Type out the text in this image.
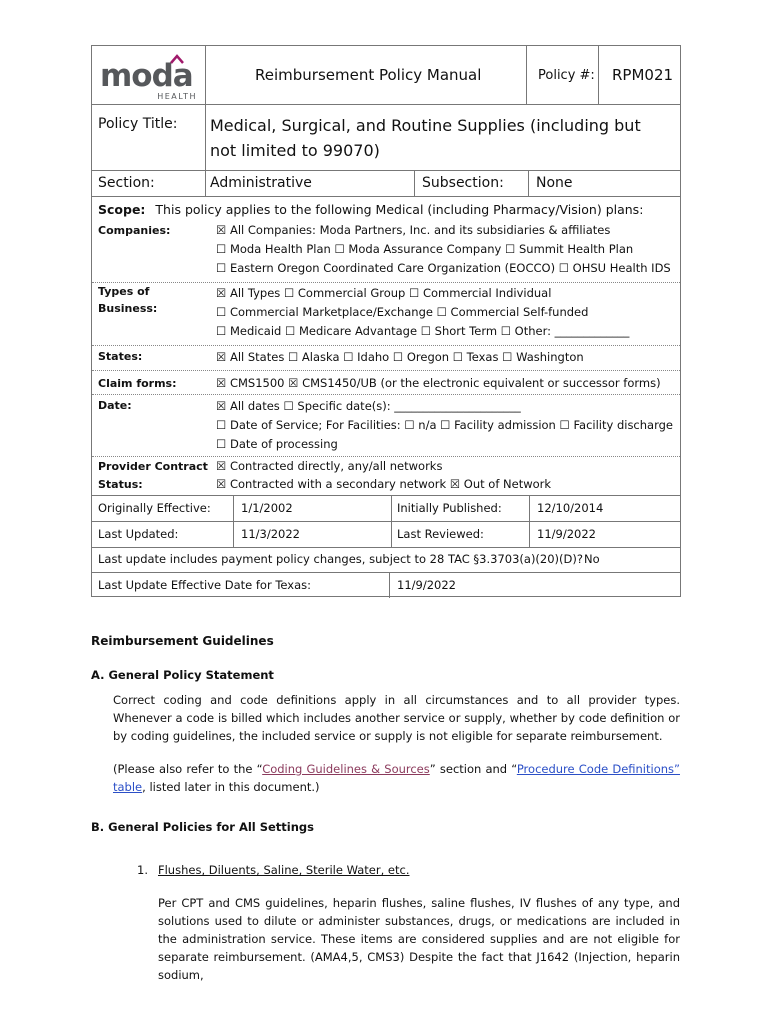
moda
HEALTH
Reimbursement Policy Manual	Policy #: RPM021
Policy Title: Medical, Surgical, and Routine Supplies (including but not limited to 99070)
Section:	Administrative	Subsection: None
Scope: This policy applies to the following Medical (including Pharmacy/Vision) plans:
Companies:	☒ All Companies: Moda Partners, Inc. and its subsidiaries & affiliates
☐ Moda Health Plan ☐ Moda Assurance Company ☐ Summit Health Plan
☐ Eastern Oregon Coordinated Care Organization (EOCCO) ☐ OHSU Health IDS
Types of
Business:
☒ All Types ☐ Commercial Group ☐ Commercial Individual
☐ Commercial Marketplace/Exchange ☐ Commercial Self-funded
☐ Medicaid ☐ Medicare Advantage ☐ Short Term ☐ Other: _____________
States:	☒ All States ☐ Alaska ☐ Idaho ☐ Oregon ☐ Texas ☐ Washington
Claim forms:	☒ CMS1500 ☒ CMS1450/UB (or the electronic equivalent or successor forms)
Date:	☒ All dates ☐ Specific date(s): ______________________
☐ Date of Service; For Facilities: ☐ n/a ☐ Facility admission ☐ Facility discharge
☐ Date of processing
Provider Contract
Status:
☒ Contracted directly, any/all networks
☒ Contracted with a secondary network ☒ Out of Network
Originally Effective:	1/1/2002	Initially Published:	12/10/2014
Last Updated:	11/3/2022	Last Reviewed:	11/9/2022
Last update includes payment policy changes, subject to 28 TAC §3.3703(a)(20)(D)? No
Last Update Effective Date for Texas:	11/9/2022
Reimbursement Guidelines
A. General Policy Statement
Correct coding and code definitions apply in all circumstances and to all provider types. Whenever a code is billed which includes another service or supply, whether by code definition or by coding guidelines, the included service or supply is not eligible for separate reimbursement.
(Please also refer to the “Coding Guidelines & Sources” section and “Procedure Code Definitions” table, listed later in this document.)
B. General Policies for All Settings
1. Flushes, Diluents, Saline, Sterile Water, etc.
Per CPT and CMS guidelines, heparin flushes, saline flushes, IV flushes of any type, and solutions used to dilute or administer substances, drugs, or medications are included in the administration service. These items are considered supplies and are not eligible for separate reimbursement. (AMA4,5, CMS3) Despite the fact that J1642 (Injection, heparin sodium,
